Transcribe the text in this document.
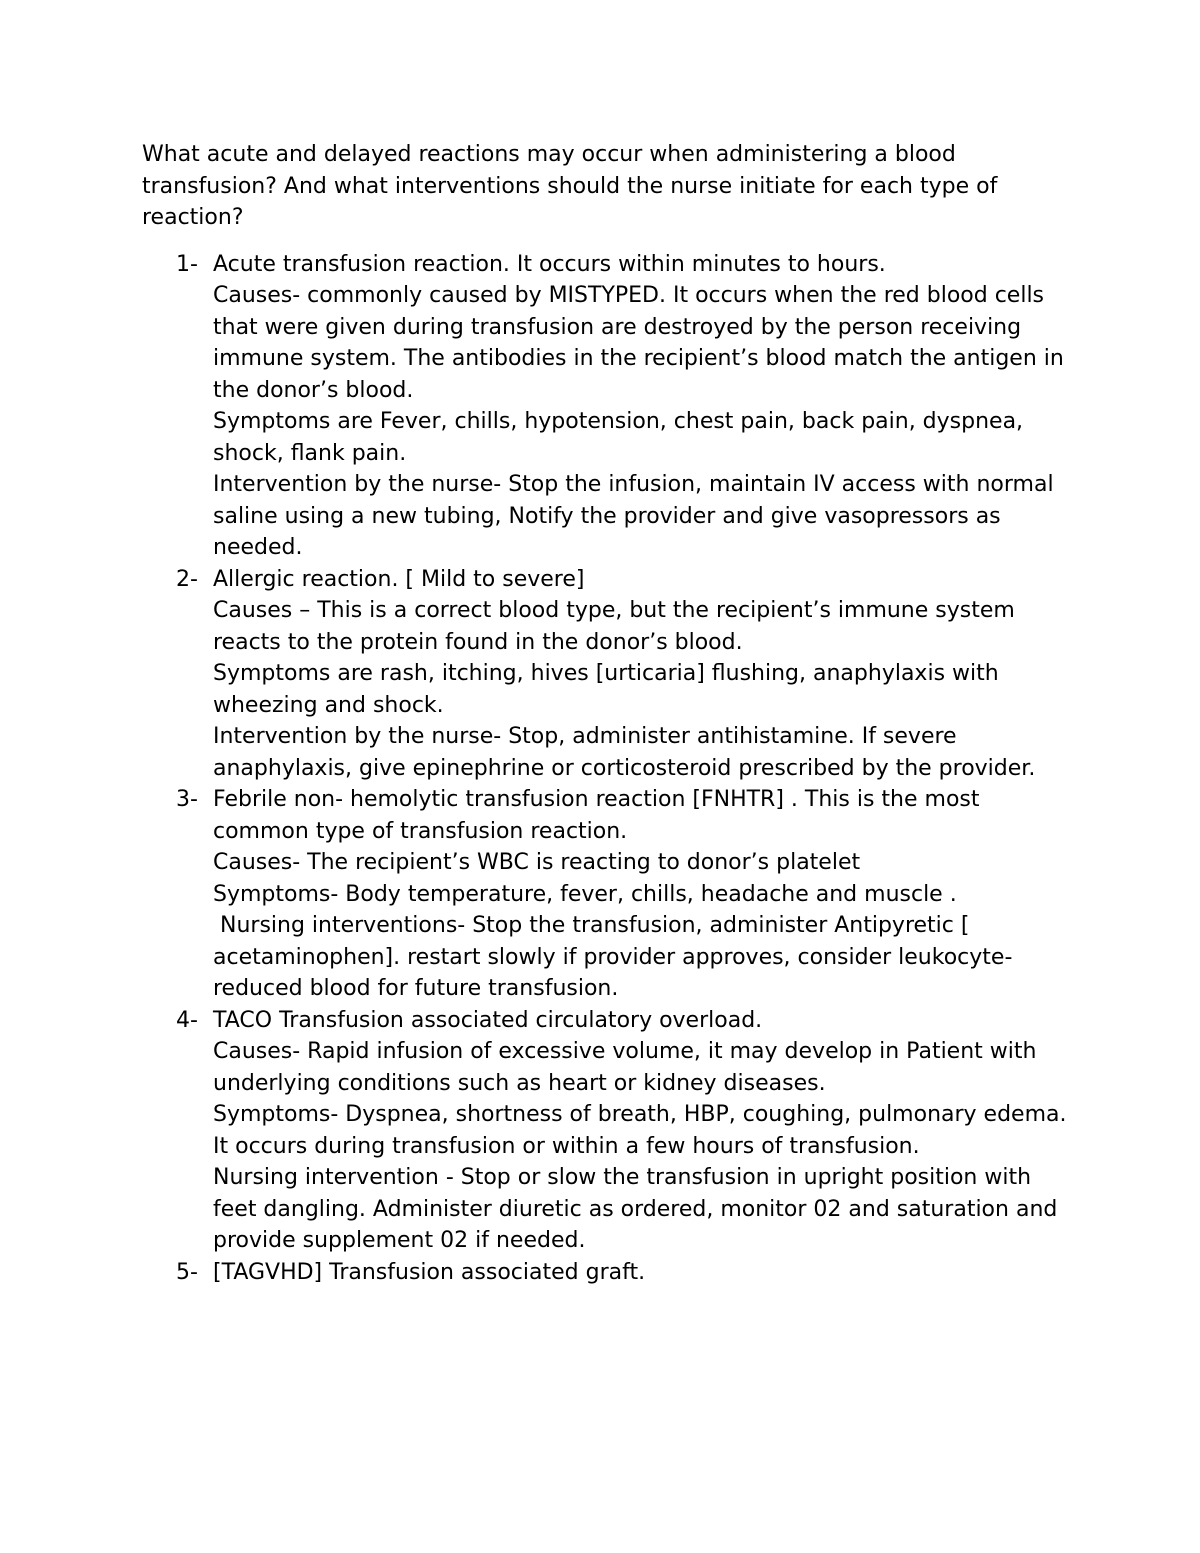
What acute and delayed reactions may occur when administering a blood transfusion? And what interventions should the nurse initiate for each type of reaction?

1- Acute transfusion reaction. It occurs within minutes to hours.
Causes- commonly caused by MISTYPED. It occurs when the red blood cells that were given during transfusion are destroyed by the person receiving immune system. The antibodies in the recipient’s blood match the antigen in the donor’s blood.
Symptoms are Fever, chills, hypotension, chest pain, back pain, dyspnea, shock, flank pain.
Intervention by the nurse- Stop the infusion, maintain IV access with normal saline using a new tubing, Notify the provider and give vasopressors as needed.
2- Allergic reaction. [ Mild to severe]
Causes – This is a correct blood type, but the recipient’s immune system reacts to the protein found in the donor’s blood.
Symptoms are rash, itching, hives [urticaria] flushing, anaphylaxis with wheezing and shock.
Intervention by the nurse- Stop, administer antihistamine. If severe anaphylaxis, give epinephrine or corticosteroid prescribed by the provider.
3- Febrile non- hemolytic transfusion reaction [FNHTR] . This is the most common type of transfusion reaction.
Causes- The recipient’s WBC is reacting to donor’s platelet
Symptoms- Body temperature, fever, chills, headache and muscle .
Nursing interventions- Stop the transfusion, administer Antipyretic [ acetaminophen]. restart slowly if provider approves, consider leukocyte- reduced blood for future transfusion.
4- TACO Transfusion associated circulatory overload.
Causes- Rapid infusion of excessive volume, it may develop in Patient with underlying conditions such as heart or kidney diseases.
Symptoms- Dyspnea, shortness of breath, HBP, coughing, pulmonary edema.  It occurs during transfusion or within a few hours of transfusion.
Nursing intervention - Stop or slow the transfusion in upright position with feet dangling. Administer diuretic as ordered, monitor 02 and saturation and provide supplement 02 if needed.
5- [TAGVHD] Transfusion associated graft.
